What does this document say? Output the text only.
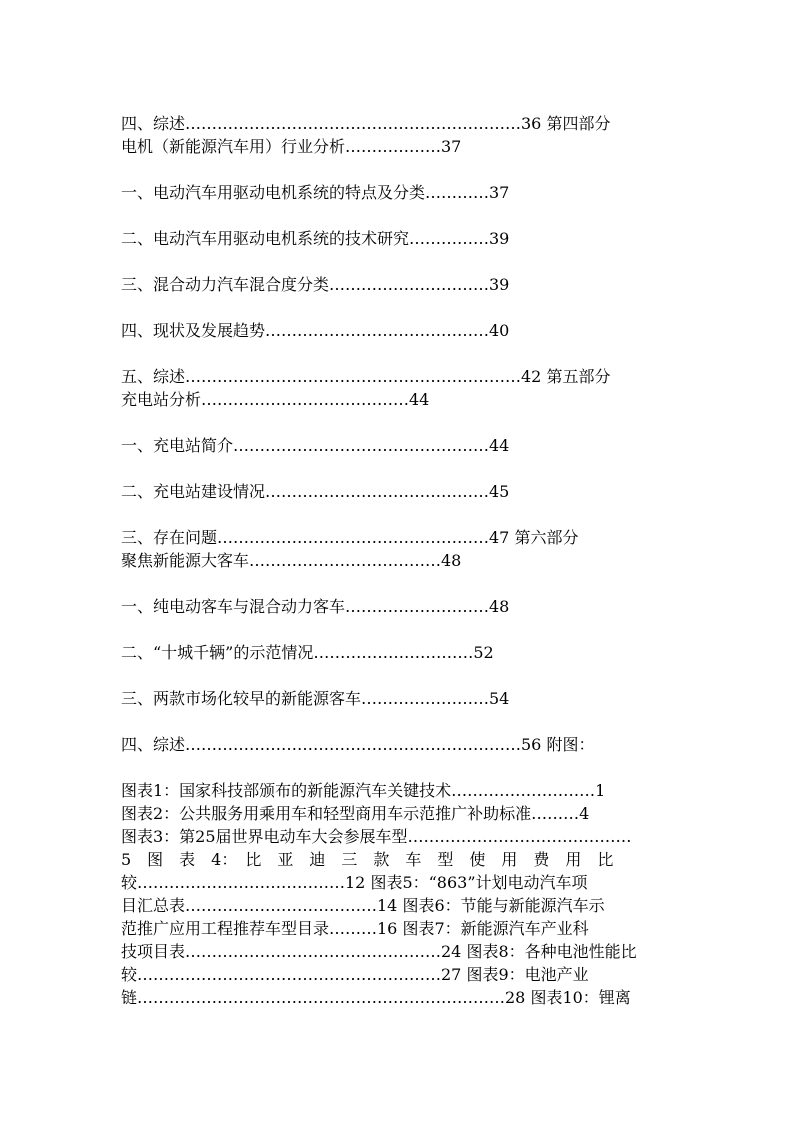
四、综述………………………………………………………36 第四部分
电机（新能源汽车用）行业分析………………37
一、电动汽车用驱动电机系统的特点及分类…………37
二、电动汽车用驱动电机系统的技术研究……………39
三、混合动力汽车混合度分类…………………………39
四、现状及发展趋势……………………………………40
五、综述………………………………………………………42 第五部分
充电站分析…………………………………44
一、充电站简介…………………………………………44
二、充电站建设情况……………………………………45
三、存在问题……………………………………………47 第六部分
聚焦新能源大客车………………………………48
一、纯电动客车与混合动力客车………………………48
二、“十城千辆”的示范情况…………………………52
三、两款市场化较早的新能源客车……………………54
四、综述………………………………………………………56 附图：

图表1：国家科技部颁布的新能源汽车关键技术………………………1

图表2：公共服务用乘用车和轻型商用车示范推广补助标准………4

图表3：第25届世界电动车大会参展车型……………………………………

5　图　表　4：　比　亚　迪　三　款　车　型　使　用　费　用　比

较…………………………………12 图表5：“863”计划电动汽车项

目汇总表………………………………14 图表6：节能与新能源汽车示

范推广应用工程推荐车型目录………16 图表7：新能源汽车产业科

技项目表…………………………………………24 图表8：各种电池性能比

较…………………………………………………27 图表9：电池产业

链……………………………………………………………28 图表10：锂离
